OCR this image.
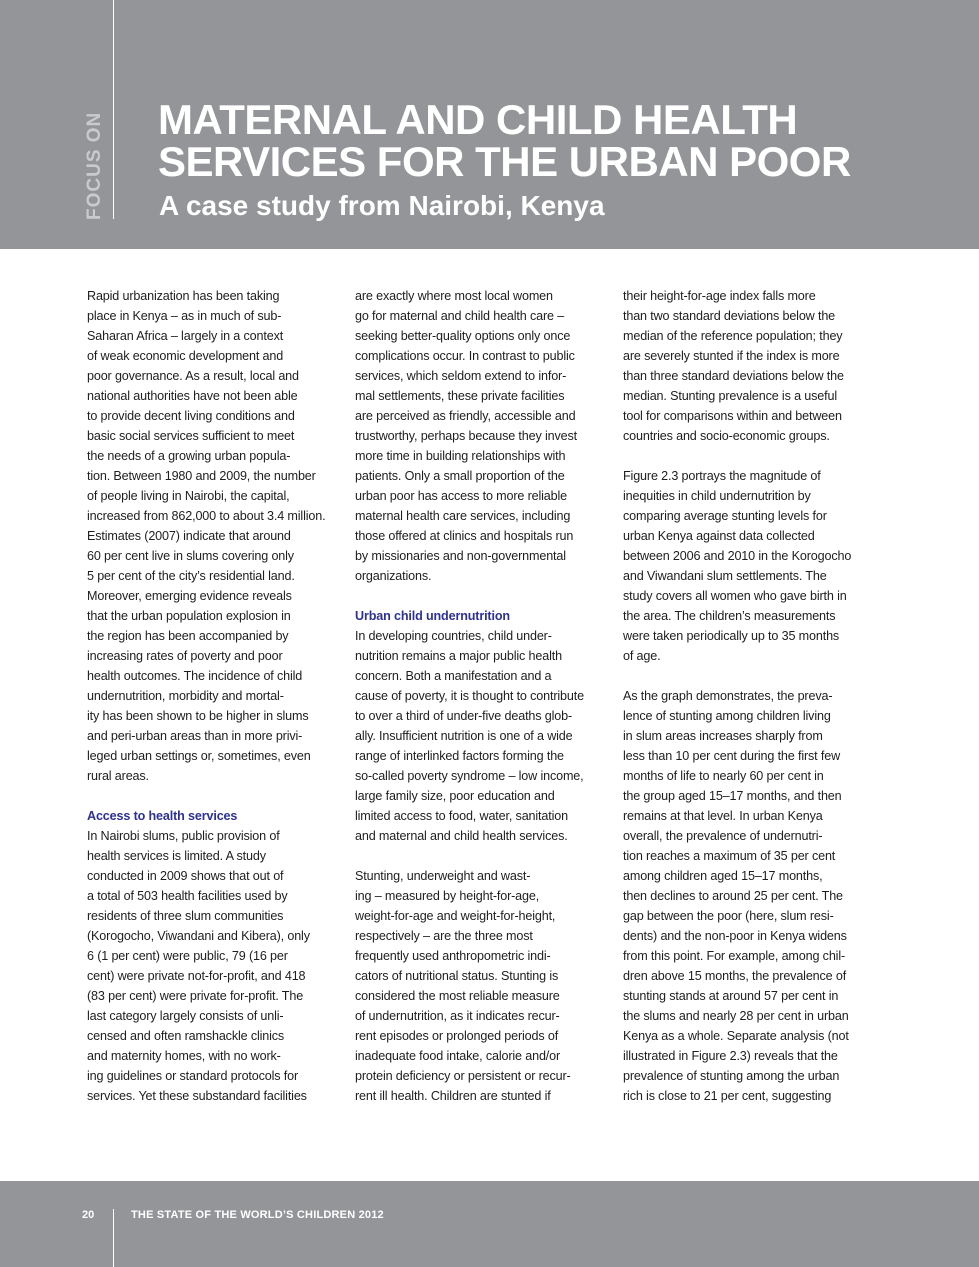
FOCUS ON MATERNAL AND CHILD HEALTH
SERVICES FOR THE URBAN POOR
A case study from Nairobi, Kenya
Rapid urbanization has been taking
place in Kenya – as in much of sub-
Saharan Africa – largely in a context
of weak economic development and
poor governance. As a result, local and
national authorities have not been able
to provide decent living conditions and
basic social services sufficient to meet
the needs of a growing urban popula-
tion. Between 1980 and 2009, the number
of people living in Nairobi, the capital,
increased from 862,000 to about 3.4 million.
Estimates (2007) indicate that around
60 per cent live in slums covering only
5 per cent of the city’s residential land.
Moreover, emerging evidence reveals
that the urban population explosion in
the region has been accompanied by
increasing rates of poverty and poor
health outcomes. The incidence of child
undernutrition, morbidity and mortal-
ity has been shown to be higher in slums
and peri-urban areas than in more privi-
leged urban settings or, sometimes, even
rural areas.
Access to health services
In Nairobi slums, public provision of
health services is limited. A study
conducted in 2009 shows that out of
a total of 503 health facilities used by
residents of three slum communities
(Korogocho, Viwandani and Kibera), only
6 (1 per cent) were public, 79 (16 per
cent) were private not-for-profit, and 418
(83 per cent) were private for-profit. The
last category largely consists of unli-
censed and often ramshackle clinics
and maternity homes, with no work-
ing guidelines or standard protocols for
services. Yet these substandard facilities
are exactly where most local women
go for maternal and child health care –
seeking better-quality options only once
complications occur. In contrast to public
services, which seldom extend to infor-
mal settlements, these private facilities
are perceived as friendly, accessible and
trustworthy, perhaps because they invest
more time in building relationships with
patients. Only a small proportion of the
urban poor has access to more reliable
maternal health care services, including
those offered at clinics and hospitals run
by missionaries and non-governmental
organizations.
Urban child undernutrition
In developing countries, child under-
nutrition remains a major public health
concern. Both a manifestation and a
cause of poverty, it is thought to contribute
to over a third of under-five deaths glob-
ally. Insufficient nutrition is one of a wide
range of interlinked factors forming the
so-called poverty syndrome – low income,
large family size, poor education and
limited access to food, water, sanitation
and maternal and child health services.
Stunting, underweight and wast-
ing – measured by height-for-age,
weight-for-age and weight-for-height,
respectively – are the three most
frequently used anthropometric indi-
cators of nutritional status. Stunting is
considered the most reliable measure
of undernutrition, as it indicates recur-
rent episodes or prolonged periods of
inadequate food intake, calorie and/or
protein deficiency or persistent or recur-
rent ill health. Children are stunted if
their height-for-age index falls more
than two standard deviations below the
median of the reference population; they
are severely stunted if the index is more
than three standard deviations below the
median. Stunting prevalence is a useful
tool for comparisons within and between
countries and socio-economic groups.
Figure 2.3 portrays the magnitude of
inequities in child undernutrition by
comparing average stunting levels for
urban Kenya against data collected
between 2006 and 2010 in the Korogocho
and Viwandani slum settlements. The
study covers all women who gave birth in
the area. The children’s measurements
were taken periodically up to 35 months
of age.
As the graph demonstrates, the preva-
lence of stunting among children living
in slum areas increases sharply from
less than 10 per cent during the first few
months of life to nearly 60 per cent in
the group aged 15–17 months, and then
remains at that level. In urban Kenya
overall, the prevalence of undernutri-
tion reaches a maximum of 35 per cent
among children aged 15–17 months,
then declines to around 25 per cent. The
gap between the poor (here, slum resi-
dents) and the non-poor in Kenya widens
from this point. For example, among chil-
dren above 15 months, the prevalence of
stunting stands at around 57 per cent in
the slums and nearly 28 per cent in urban
Kenya as a whole. Separate analysis (not
illustrated in Figure 2.3) reveals that the
prevalence of stunting among the urban
rich is close to 21 per cent, suggesting
20	THE STATE OF THE WORLD’S CHILDREN 2012
